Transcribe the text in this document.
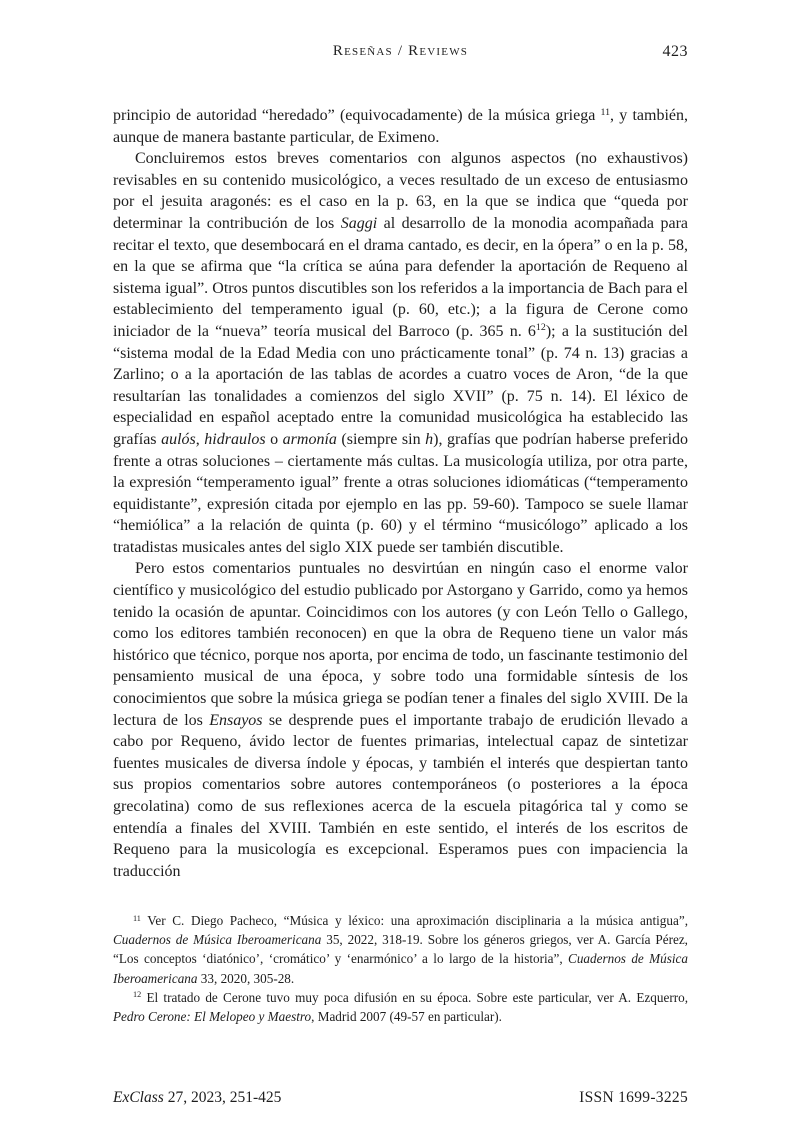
Reseñas / Reviews	423

principio de autoridad “heredado” (equivocadamente) de la música griega $^{11}$, y también, aunque de manera bastante particular, de Eximeno.

Concluiremos estos breves comentarios con algunos aspectos (no exhaustivos) revisables en su contenido musicológico, a veces resultado de un exceso de entusiasmo por el jesuita aragonés: es el caso en la p. 63, en la que se indica que “queda por determinar la contribución de los Saggi al desarrollo de la monodia acompañada para recitar el texto, que desembocará en el drama cantado, es decir, en la ópera” o en la p. 58, en la que se afirma que “la crítica se aúna para defender la aportación de Requeno al sistema igual”. Otros puntos discutibles son los referidos a la importancia de Bach para el establecimiento del temperamento igual (p. 60, etc.); a la figura de Cerone como iniciador de la “nueva” teoría musical del Barroco (p. 365 n. $6^{12}$); a la sustitución del “sistema modal de la Edad Media con uno prácticamente tonal” (p. 74 n. 13) gracias a Zarlino; o a la aportación de las tablas de acordes a cuatro voces de Aron, “de la que resultarían las tonalidades a comienzos del siglo XVII” (p. 75 n. 14). El léxico de especialidad en español aceptado entre la comunidad musicológica ha establecido las grafías aulós, hidraulos o armonía (siempre sin h), grafías que podrían haberse preferido frente a otras soluciones – ciertamente más cultas. La musicología utiliza, por otra parte, la expresión “temperamento igual” frente a otras soluciones idiomáticas (“temperamento equidistante”, expresión citada por ejemplo en las pp. 59-60). Tampoco se suele llamar “hemiólica” a la relación de quinta (p. 60) y el término “musicólogo” aplicado a los tratadistas musicales antes del siglo XIX puede ser también discutible.

Pero estos comentarios puntuales no desvirtúan en ningún caso el enorme valor científico y musicológico del estudio publicado por Astorgano y Garrido, como ya hemos tenido la ocasión de apuntar. Coincidimos con los autores (y con León Tello o Gallego, como los editores también reconocen) en que la obra de Requeno tiene un valor más histórico que técnico, porque nos aporta, por encima de todo, un fascinante testimonio del pensamiento musical de una época, y sobre todo una formidable síntesis de los conocimientos que sobre la música griega se podían tener a finales del siglo XVIII. De la lectura de los Ensayos se desprende pues el importante trabajo de erudición llevado a cabo por Requeno, ávido lector de fuentes primarias, intelectual capaz de sintetizar fuentes musicales de diversa índole y épocas, y también el interés que despiertan tanto sus propios comentarios sobre autores contemporáneos (o posteriores a la época grecolatina) como de sus reflexiones acerca de la escuela pitagórica tal y como se entendía a finales del XVIII. También en este sentido, el interés de los escritos de Requeno para la musicología es excepcional. Esperamos pues con impaciencia la traducción

$^{11}$ Ver C. Diego Pacheco, “Música y léxico: una aproximación disciplinaria a la música antigua”, Cuadernos de Música Iberoamericana 35, 2022, 318-19. Sobre los géneros griegos, ver A. García Pérez, “Los conceptos ‘diatónico’, ‘cromático’ y ‘enarmónico’ a lo largo de la historia”, Cuadernos de Música Iberoamericana 33, 2020, 305-28.

$^{12}$ El tratado de Cerone tuvo muy poca difusión en su época. Sobre este particular, ver A. Ezquerro, Pedro Cerone: El Melopeo y Maestro, Madrid 2007 (49-57 en particular).

ExClass 27, 2023, 251-425	ISSN 1699-3225
